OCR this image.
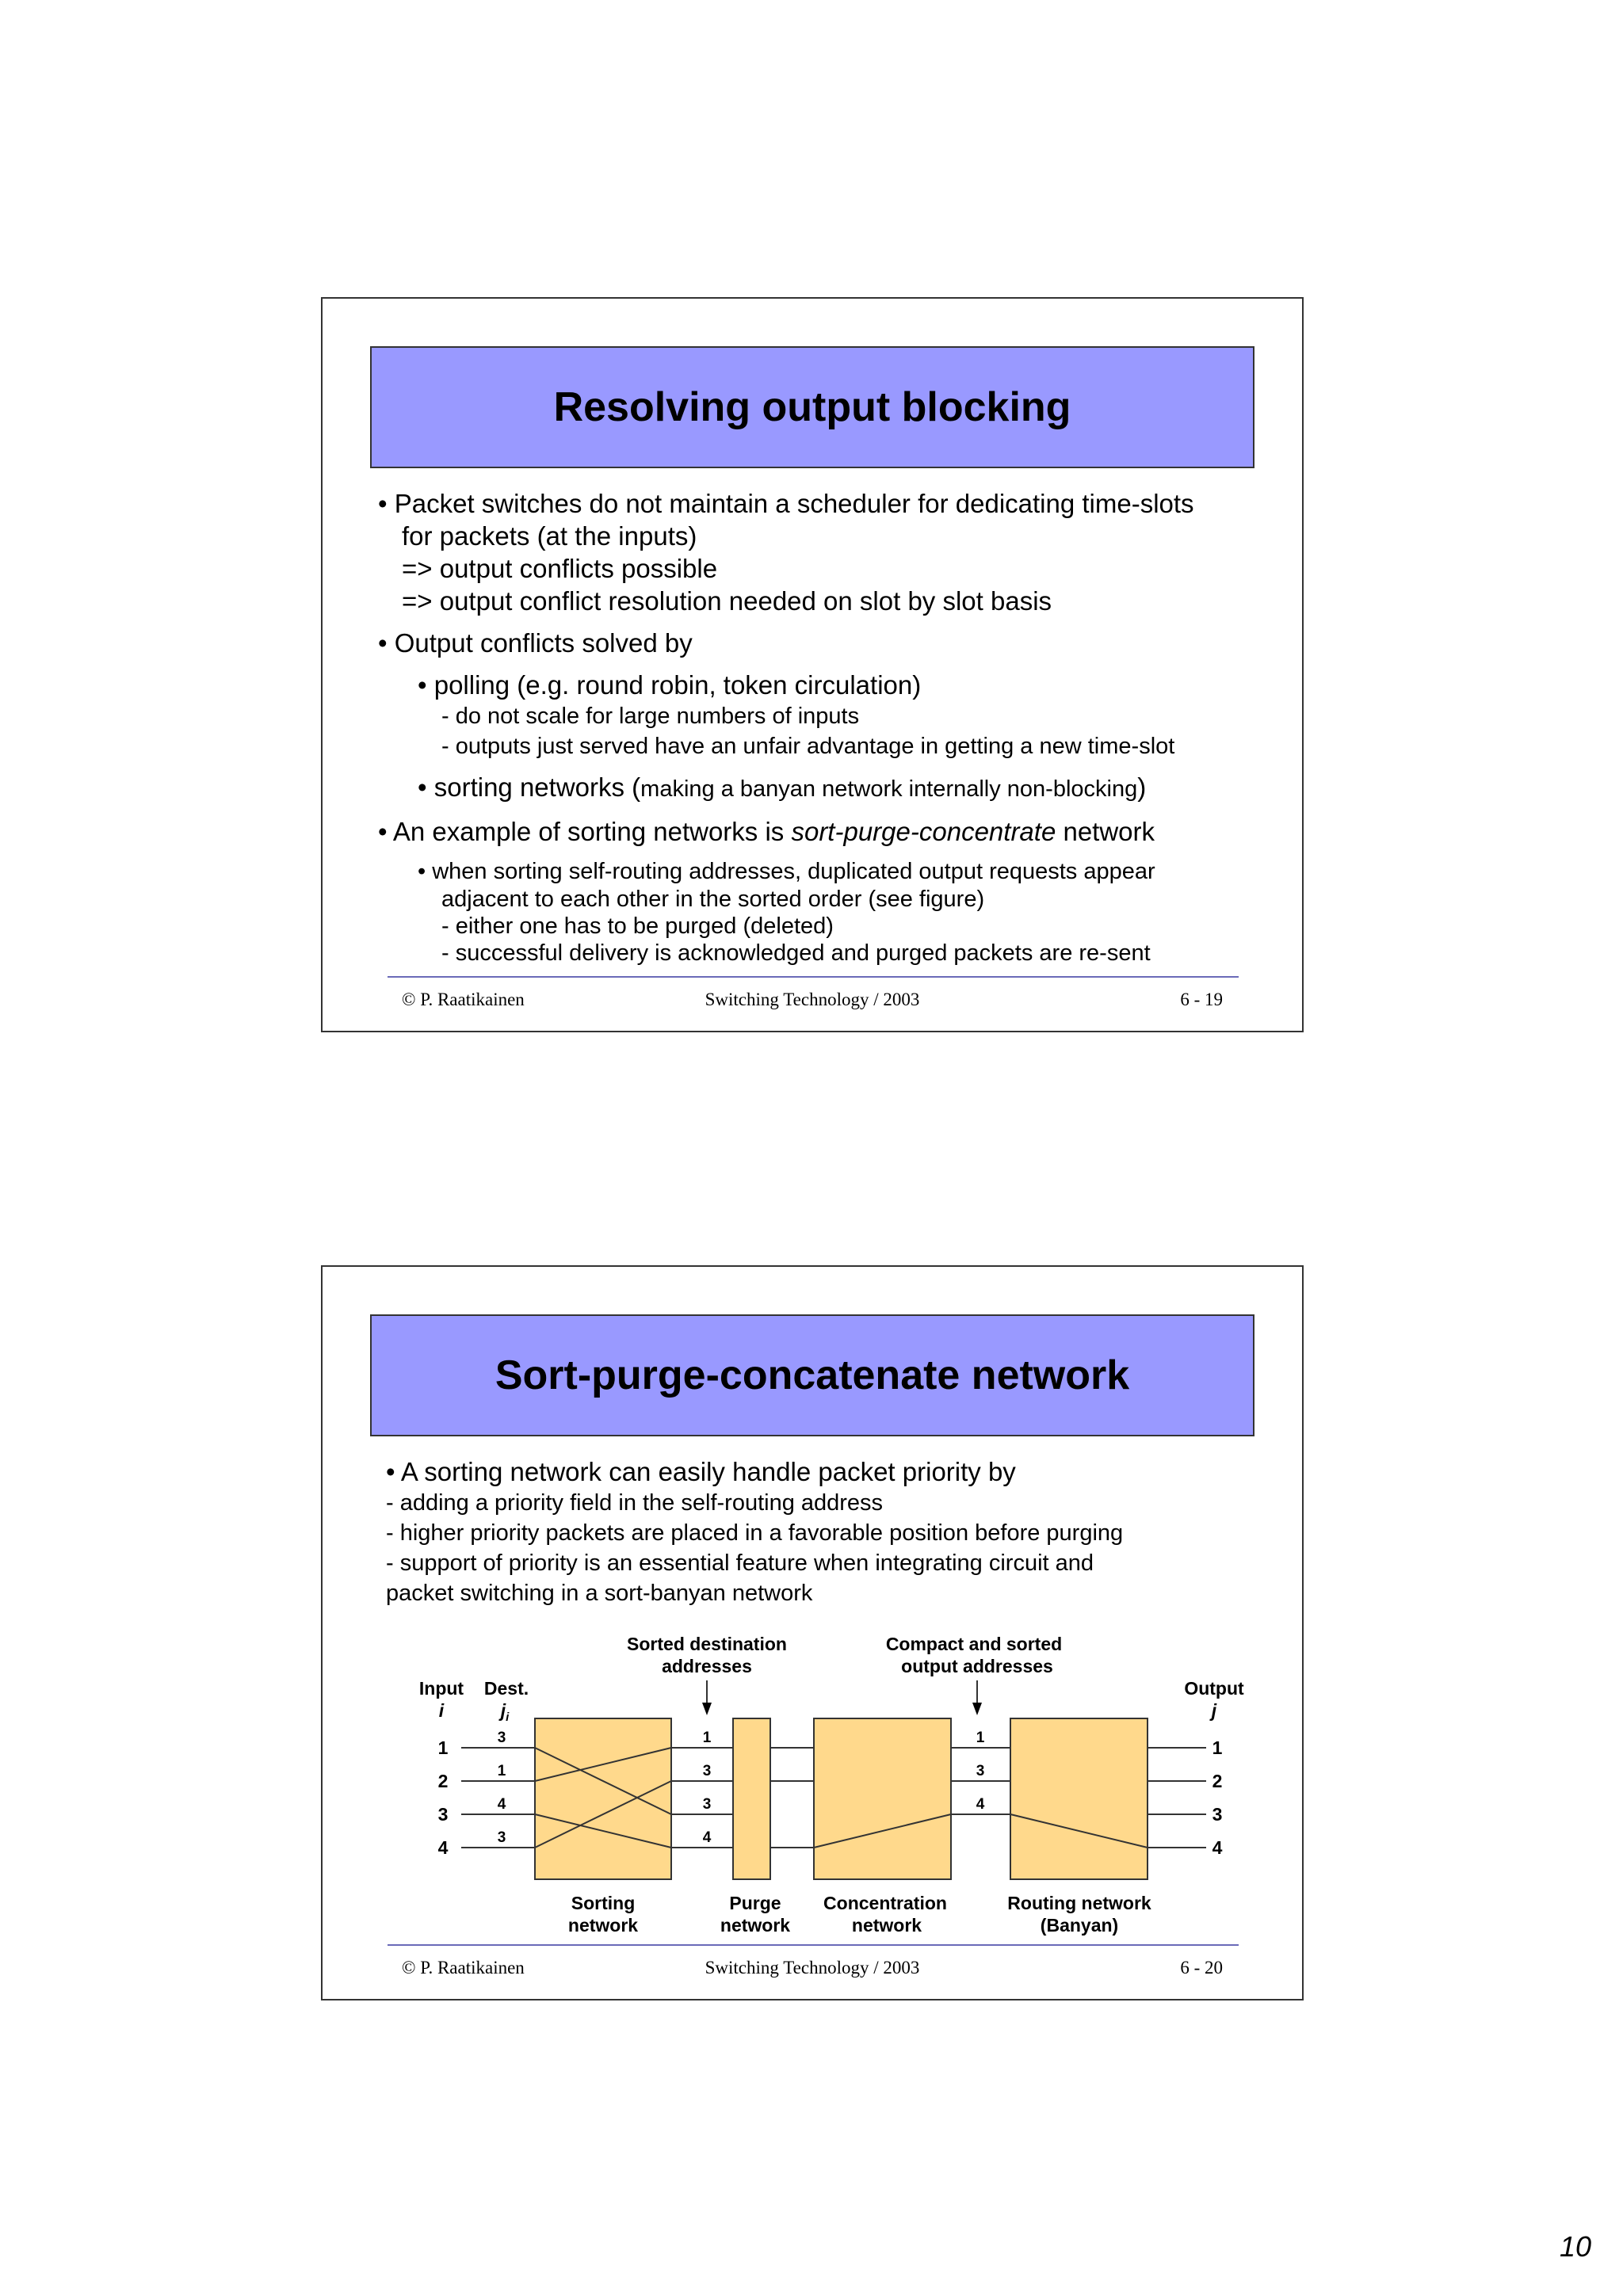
Resolving output blocking

• Packet switches do not maintain a scheduler for dedicating time-slots

for packets (at the inputs)

=> output conflicts possible

=> output conflict resolution needed on slot by slot basis

• Output conflicts solved by

• polling (e.g. round robin, token circulation)

- do not scale for large numbers of inputs

- outputs just served have an unfair advantage in getting a new time-slot

• sorting networks (making a banyan network internally non-blocking)

• An example of sorting networks is sort-purge-concentrate network

• when sorting self-routing addresses, duplicated output requests appear

adjacent to each other in the sorted order (see figure)

- either one has to be purged (deleted)

- successful delivery is acknowledged and purged packets are re-sent

© P. Raatikainen	Switching Technology / 2003	6 - 19
Sort-purge-concatenate network

• A sorting network can easily handle packet priority by

- adding a priority field in the self-routing address

- higher priority packets are placed in a favorable position before purging

- support of priority is an essential feature when integrating circuit and

packet switching in a sort-banyan network

Input
i
Dest.
$j_i$
Output
j
Sorted destination
addresses
Compact and sorted
output addresses
1
2
3
4
1
2
3
4
Sorting
network
Purge
network
Concentration
network
Routing network
(Banyan)
3
1
4
3
1
3
3
4
1
3
4
© P. Raatikainen	Switching Technology / 2003	6 - 20
10
